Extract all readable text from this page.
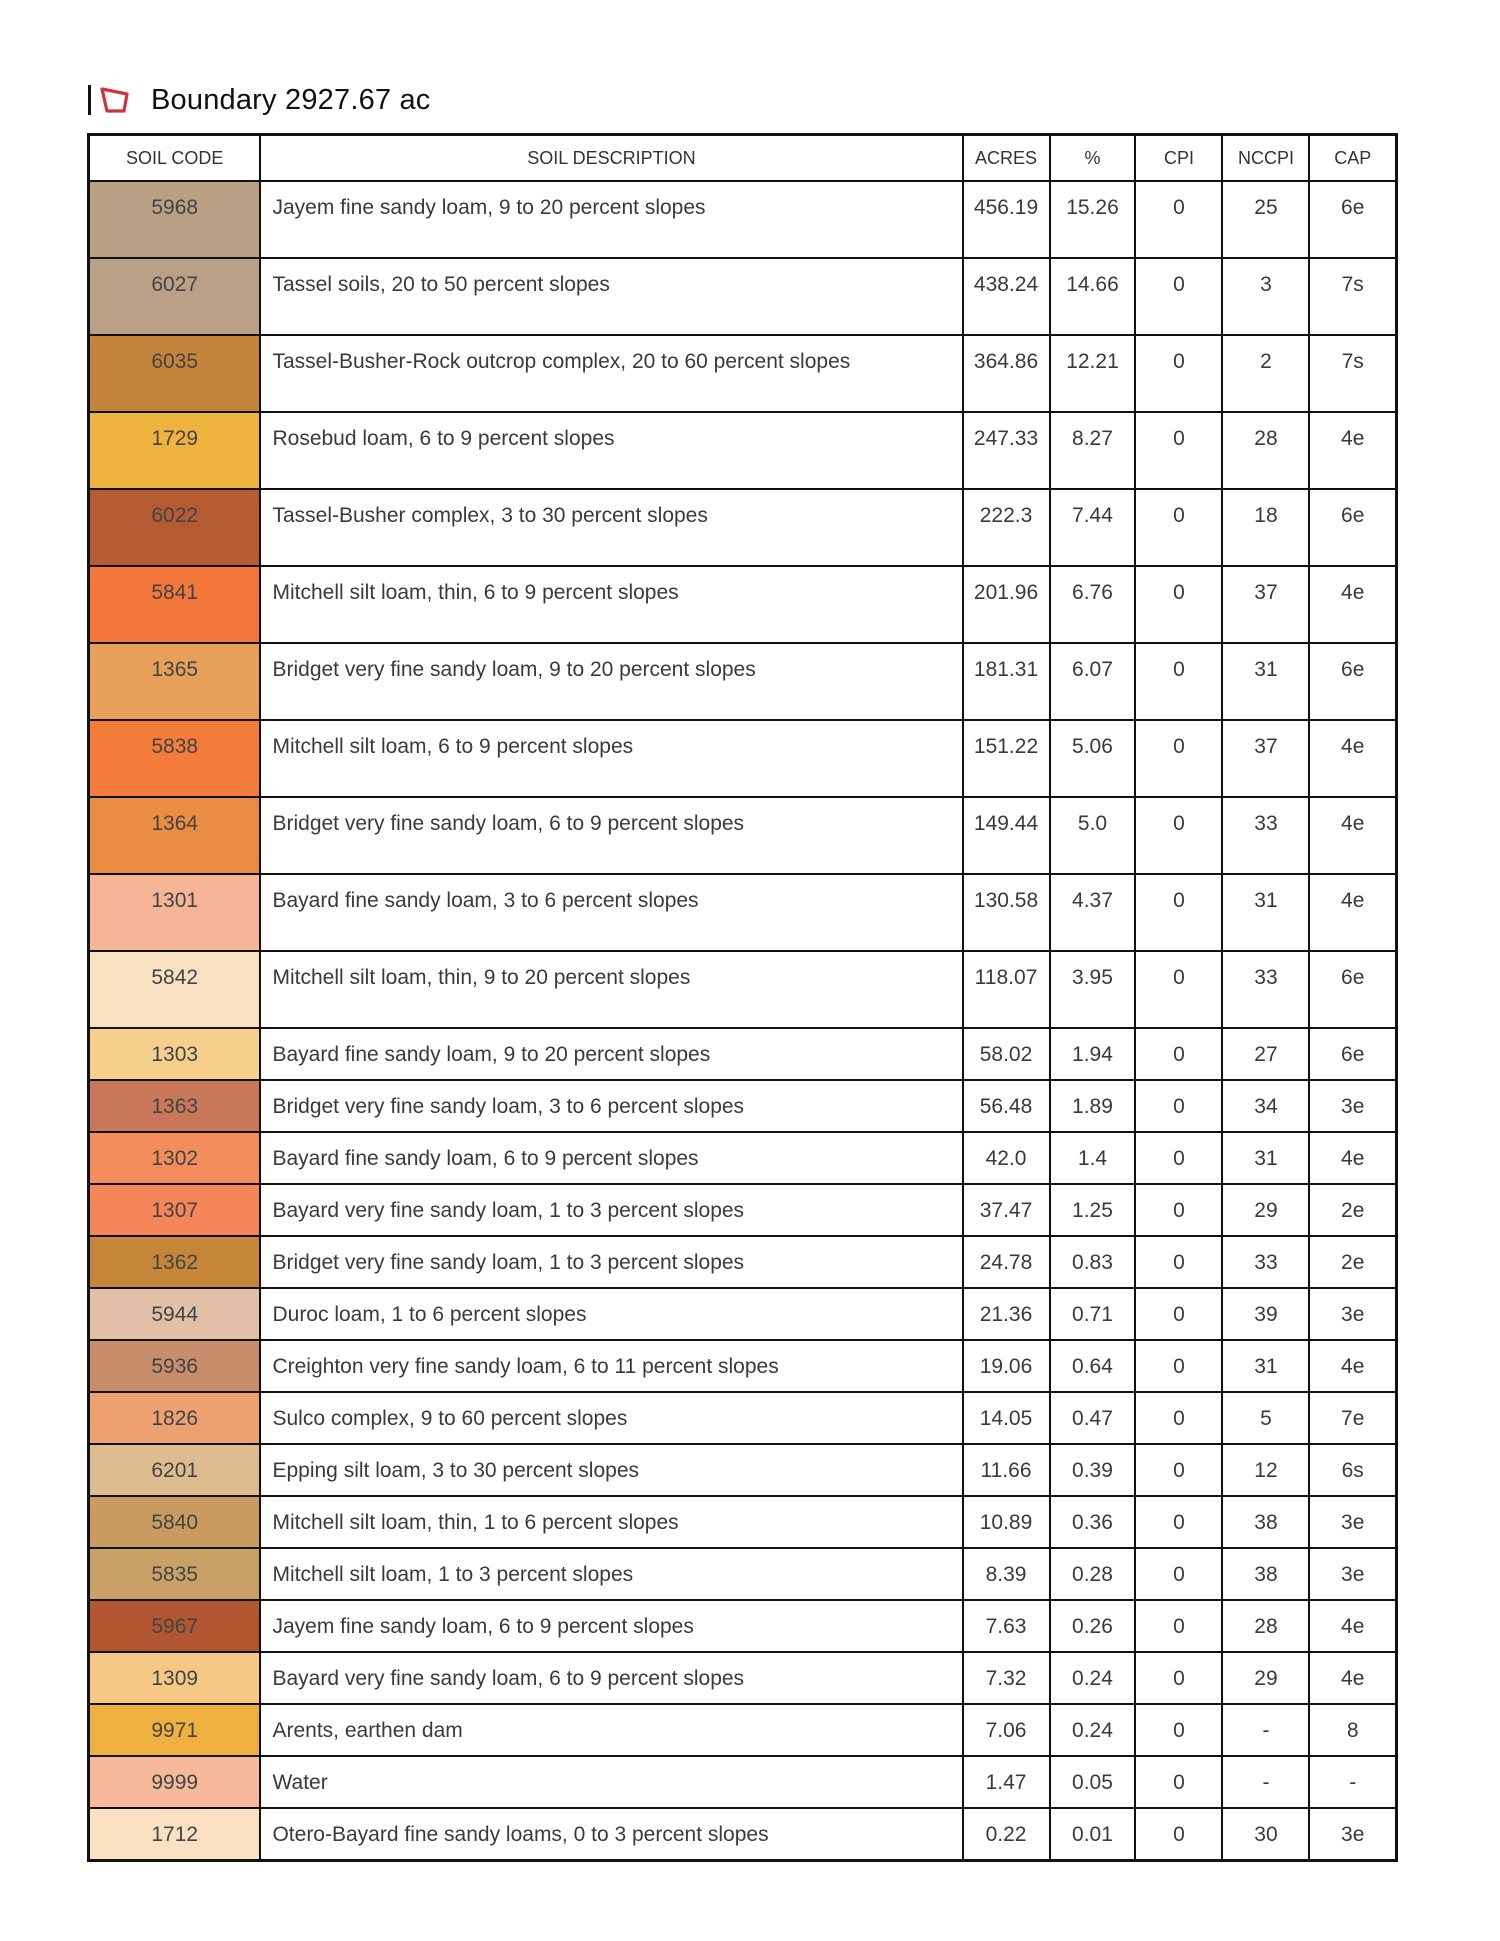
Boundary 2927.67 ac
SOIL CODE	SOIL DESCRIPTION	ACRES	%	CPI	NCCPI	CAP
5968	Jayem fine sandy loam, 9 to 20 percent slopes	456.19	15.26	0	25	6e
6027	Tassel soils, 20 to 50 percent slopes	438.24	14.66	0	3	7s
6035	Tassel-Busher-Rock outcrop complex, 20 to 60 percent slopes	364.86	12.21	0	2	7s
1729	Rosebud loam, 6 to 9 percent slopes	247.33	8.27	0	28	4e
6022	Tassel-Busher complex, 3 to 30 percent slopes	222.3	7.44	0	18	6e
5841	Mitchell silt loam, thin, 6 to 9 percent slopes	201.96	6.76	0	37	4e
1365	Bridget very fine sandy loam, 9 to 20 percent slopes	181.31	6.07	0	31	6e
5838	Mitchell silt loam, 6 to 9 percent slopes	151.22	5.06	0	37	4e
1364	Bridget very fine sandy loam, 6 to 9 percent slopes	149.44	5.0	0	33	4e
1301	Bayard fine sandy loam, 3 to 6 percent slopes	130.58	4.37	0	31	4e
5842	Mitchell silt loam, thin, 9 to 20 percent slopes	118.07	3.95	0	33	6e
1303	Bayard fine sandy loam, 9 to 20 percent slopes	58.02	1.94	0	27	6e
1363	Bridget very fine sandy loam, 3 to 6 percent slopes	56.48	1.89	0	34	3e
1302	Bayard fine sandy loam, 6 to 9 percent slopes	42.0	1.4	0	31	4e
1307	Bayard very fine sandy loam, 1 to 3 percent slopes	37.47	1.25	0	29	2e
1362	Bridget very fine sandy loam, 1 to 3 percent slopes	24.78	0.83	0	33	2e
5944	Duroc loam, 1 to 6 percent slopes	21.36	0.71	0	39	3e
5936	Creighton very fine sandy loam, 6 to 11 percent slopes	19.06	0.64	0	31	4e
1826	Sulco complex, 9 to 60 percent slopes	14.05	0.47	0	5	7e
6201	Epping silt loam, 3 to 30 percent slopes	11.66	0.39	0	12	6s
5840	Mitchell silt loam, thin, 1 to 6 percent slopes	10.89	0.36	0	38	3e
5835	Mitchell silt loam, 1 to 3 percent slopes	8.39	0.28	0	38	3e
5967	Jayem fine sandy loam, 6 to 9 percent slopes	7.63	0.26	0	28	4e
1309	Bayard very fine sandy loam, 6 to 9 percent slopes	7.32	0.24	0	29	4e
9971	Arents, earthen dam	7.06	0.24	0	-	8
9999	Water	1.47	0.05	0	-	-
1712	Otero-Bayard fine sandy loams, 0 to 3 percent slopes	0.22	0.01	0	30	3e
